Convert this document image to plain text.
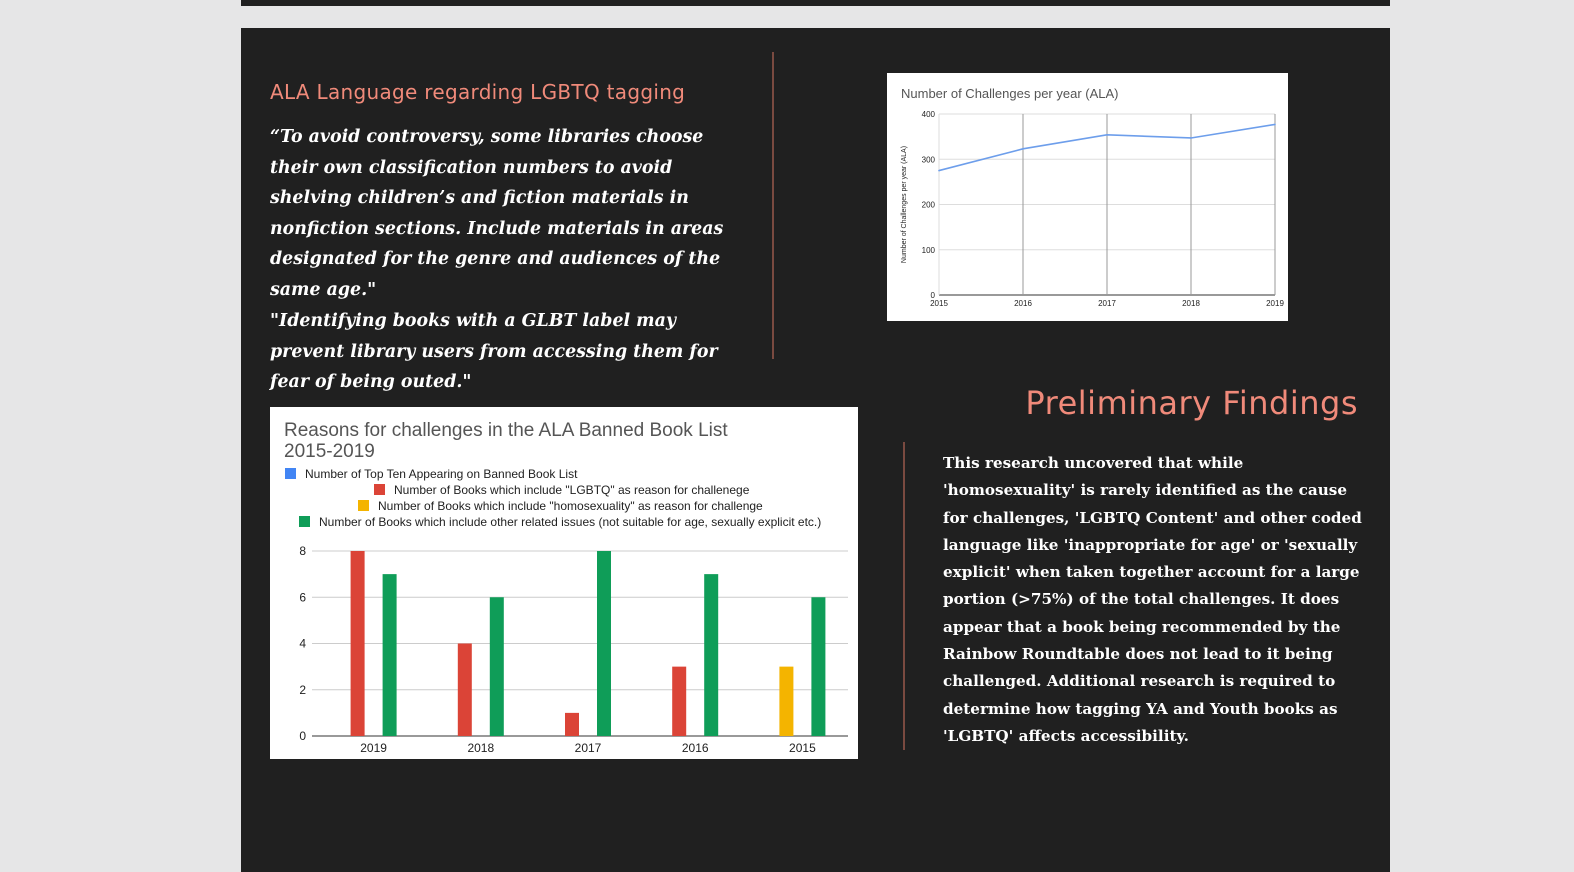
ALA Language regarding LGBTQ tagging

“To avoid controversy, some libraries choose their own classification numbers to avoid shelving children’s and fiction materials in nonfiction sections. Include materials in areas designated for the genre and audiences of the same age."

"Identifying books with a GLBT label may prevent library users from accessing them for fear of being outed."

Number of Challenges per year (ALA)
0
100
200
300
400
2015	2016	2017	2018	2019
Number of Challenges per year (ALA)
Reasons for challenges in the ALA Banned Book List
2015-2019
Number of Top Ten Appearing on Banned Book List
Number of Books which include "LGBTQ" as reason for challenege
Number of Books which include "homosexuality" as reason for challenge
Number of Books which include other related issues (not suitable for age, sexually explicit etc.)
0
2
4
6
8
2019	2018	2017	2016	2015
Preliminary Findings

This research uncovered that while 'homosexuality' is rarely identified as the cause for challenges, 'LGBTQ Content' and other coded language like 'inappropriate for age' or 'sexually explicit' when taken together account for a large portion (>75%) of the total challenges. It does appear that a book being recommended by the Rainbow Roundtable does not lead to it being challenged. Additional research is required to determine how tagging YA and Youth books as 'LGBTQ' affects accessibility.
